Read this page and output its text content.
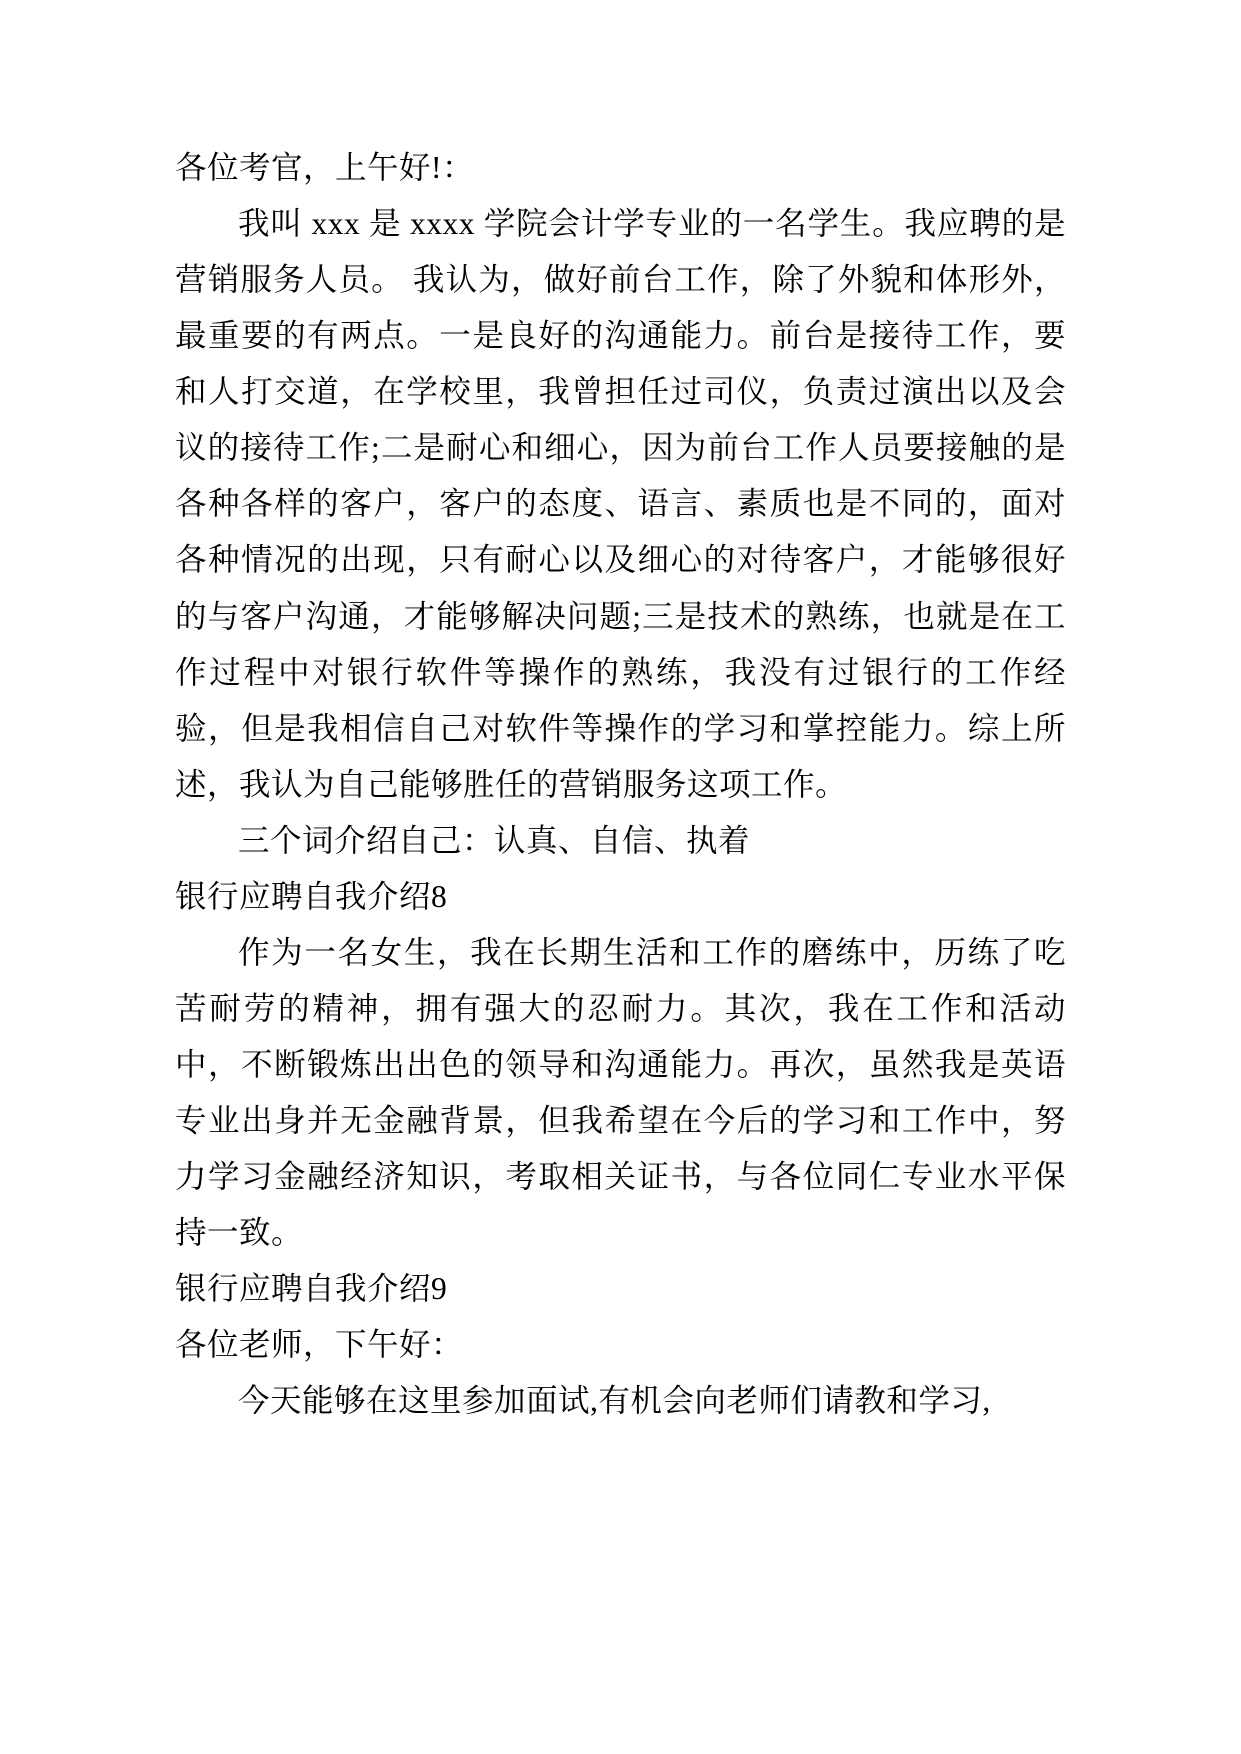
各位考官，上午好!：

我叫 xxx 是 xxxx 学院会计学专业的一名学生。我应聘的是营销服务人员。 我认为，做好前台工作，除了外貌和体形外，最重要的有两点。一是良好的沟通能力。前台是接待工作，要和人打交道，在学校里，我曾担任过司仪，负责过演出以及会议的接待工作;二是耐心和细心，因为前台工作人员要接触的是各种各样的客户，客户的态度、语言、素质也是不同的，面对各种情况的出现，只有耐心以及细心的对待客户，才能够很好的与客户沟通，才能够解决问题;三是技术的熟练，也就是在工作过程中对银行软件等操作的熟练，我没有过银行的工作经验，但是我相信自己对软件等操作的学习和掌控能力。综上所述，我认为自己能够胜任的营销服务这项工作。

三个词介绍自己：认真、自信、执着

银行应聘自我介绍8

作为一名女生，我在长期生活和工作的磨练中，历练了吃苦耐劳的精神，拥有强大的忍耐力。其次，我在工作和活动中，不断锻炼出出色的领导和沟通能力。再次，虽然我是英语专业出身并无金融背景，但我希望在今后的学习和工作中，努力学习金融经济知识，考取相关证书，与各位同仁专业水平保持一致。

银行应聘自我介绍9

各位老师，下午好：

今天能够在这里参加面试,有机会向老师们请教和学习,
